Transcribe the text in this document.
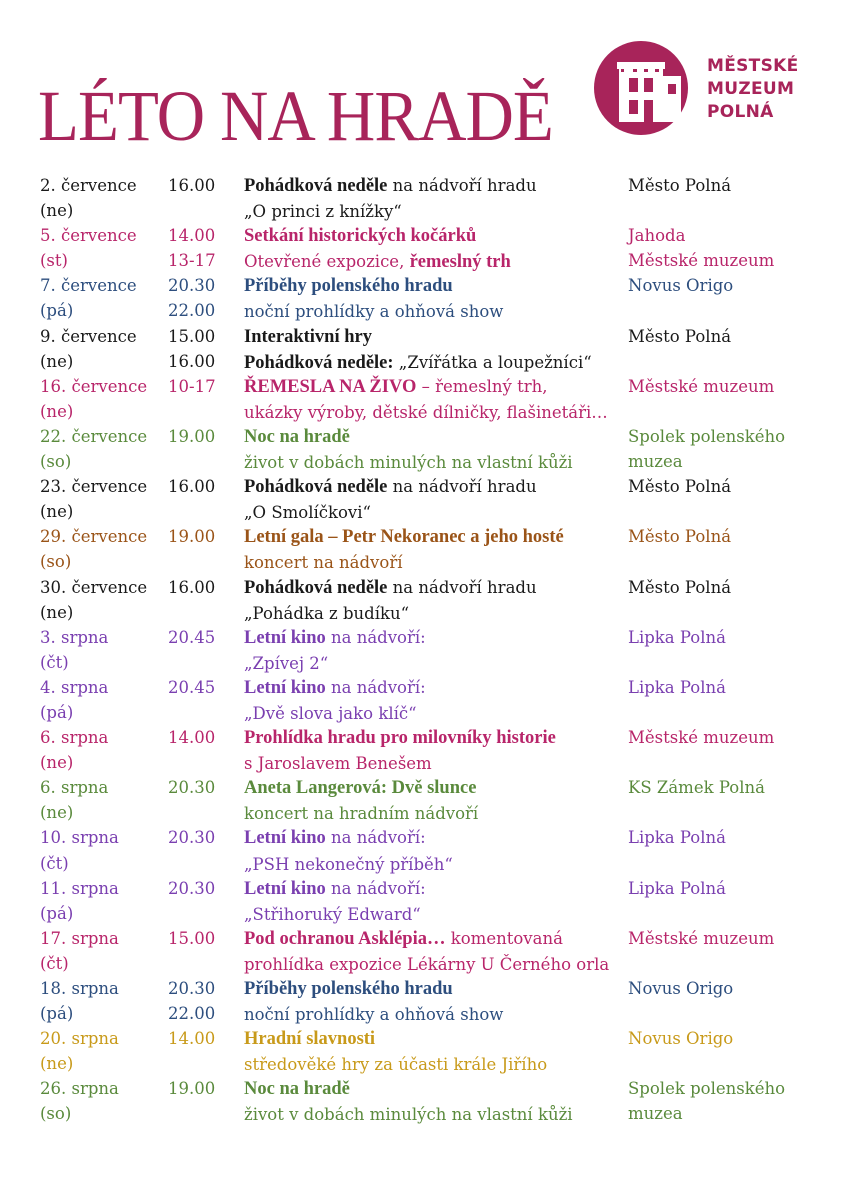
LÉTO NA HRADĚ
MĚSTSKÉ
MUZEUM
POLNÁ
2. července
(ne)
16.00 Pohádková neděle na nádvoří hradu
„O princi z knížky“
Město Polná
5. července
(st)
14.00
13-17
Setkání historických kočárků
Otevřené expozice, řemeslný trh
Jahoda
Městské muzeum
7. července
(pá)
20.30
22.00
Příběhy polenského hradu
noční prohlídky a ohňová show
Novus Origo
9. července
(ne)
15.00
16.00
Interaktivní hry
Pohádková neděle: „Zvířátka a loupežníci“
Město Polná
16. července
(ne)
10-17 ŘEMESLA NA ŽIVO – řemeslný trh,
ukázky výroby, dětské dílničky, flašinetáři…
Městské muzeum
22. července
(so)
19.00 Noc na hradě
život v dobách minulých na vlastní kůži
Spolek polenského
muzea
23. července
(ne)
16.00 Pohádková neděle na nádvoří hradu
„O Smolíčkovi“
Město Polná
29. července
(so)
19.00 Letní gala – Petr Nekoranec a jeho hosté
koncert na nádvoří
Město Polná
30. července
(ne)
16.00 Pohádková neděle na nádvoří hradu
„Pohádka z budíku“
Město Polná
3. srpna
(čt)
20.45 Letní kino na nádvoří:
„Zpívej 2“
Lipka Polná
4. srpna
(pá)
20.45 Letní kino na nádvoří:
„Dvě slova jako klíč“
Lipka Polná
6. srpna
(ne)
14.00 Prohlídka hradu pro milovníky historie
s Jaroslavem Benešem
Městské muzeum
6. srpna
(ne)
20.30 Aneta Langerová: Dvě slunce
koncert na hradním nádvoří
KS Zámek Polná
10. srpna
(čt)
20.30 Letní kino na nádvoří:
„PSH nekonečný příběh“
Lipka Polná
11. srpna
(pá)
20.30 Letní kino na nádvoří:
„Střihoruký Edward“
Lipka Polná
17. srpna
(čt)
15.00 Pod ochranou Asklépia… komentovaná
prohlídka expozice Lékárny U Černého orla
Městské muzeum
18. srpna
(pá)
20.30
22.00
Příběhy polenského hradu
noční prohlídky a ohňová show
Novus Origo
20. srpna
(ne)
14.00 Hradní slavnosti
středověké hry za účasti krále Jiřího
Novus Origo
26. srpna
(so)
19.00 Noc na hradě
život v dobách minulých na vlastní kůži
Spolek polenského
muzea
